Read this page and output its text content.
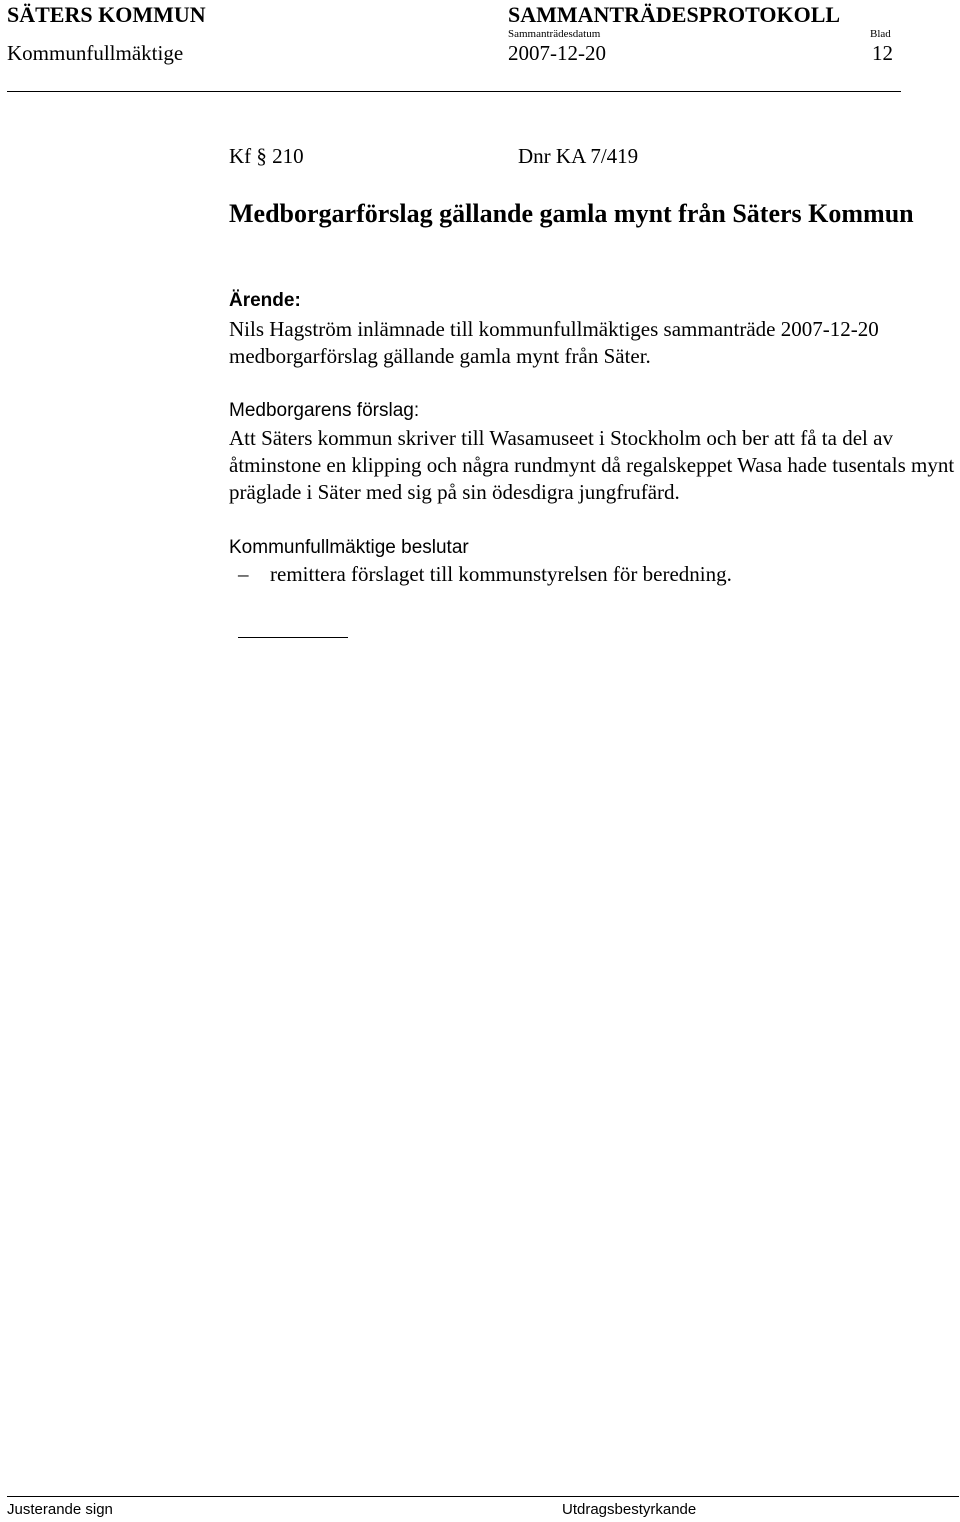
SÄTERS KOMMUN	SAMMANTRÄDESPROTOKOLL
Sammanträdesdatum	Blad
Kommunfullmäktige	2007-12-20	12
Kf § 210	Dnr KA 7/419
Medborgarförslag gällande gamla mynt från Säters Kommun
Ärende:
Nils Hagström inlämnade till kommunfullmäktiges sammanträde 2007-12-20 medborgarförslag gällande gamla mynt från Säter.
Medborgarens förslag:
Att Säters kommun skriver till Wasamuseet i Stockholm och ber att få ta del av åtminstone en klipping och några rundmynt då regalskeppet Wasa hade tusentals mynt präglade i Säter med sig på sin ödesdigra jungfrufärd.
Kommunfullmäktige beslutar
– remittera förslaget till kommunstyrelsen för beredning.
Justerande sign	Utdragsbestyrkande
